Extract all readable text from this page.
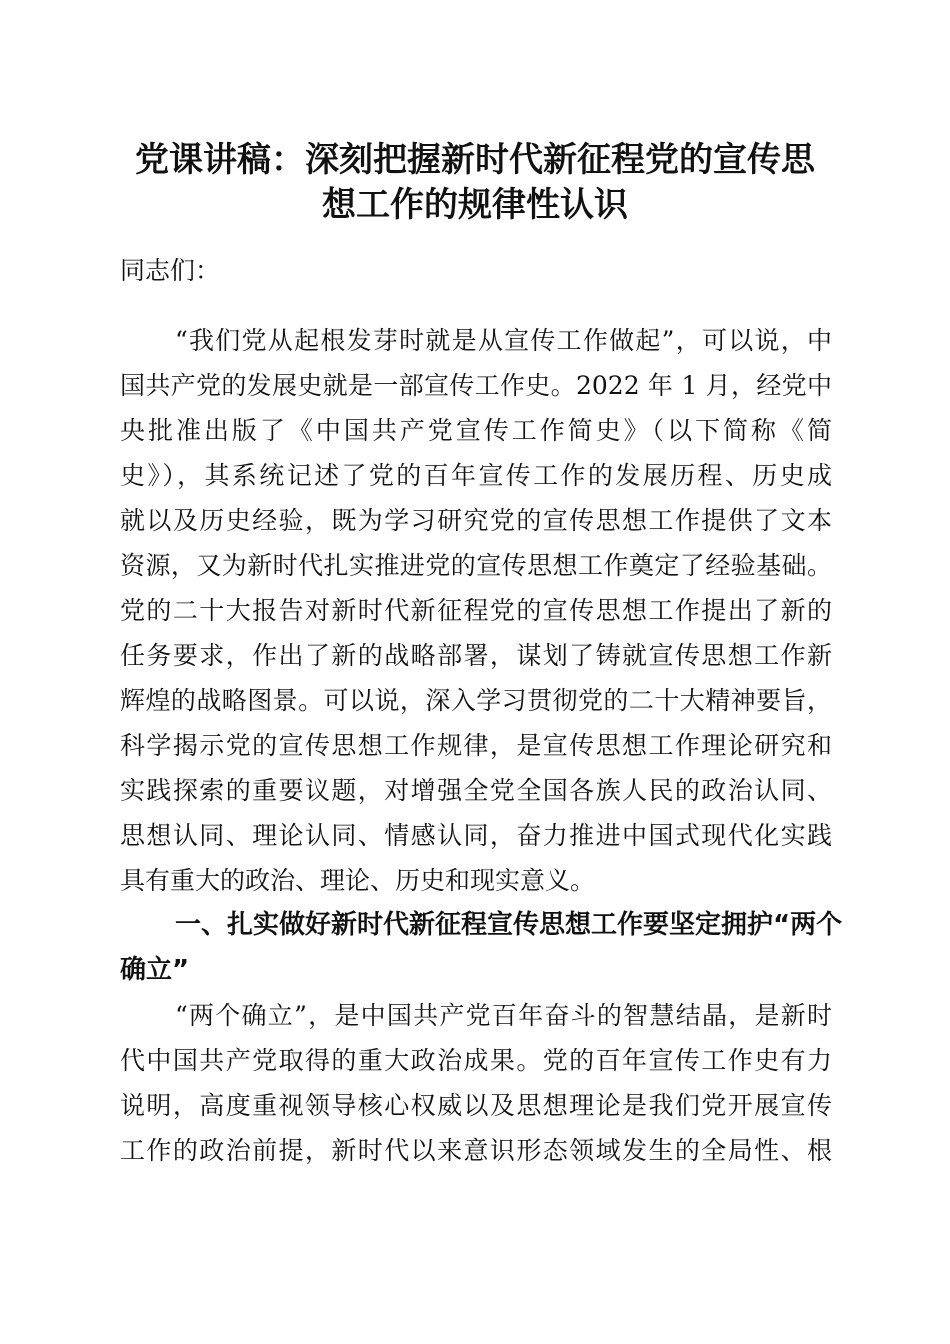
党课讲稿：深刻把握新时代新征程党的宣传思
想工作的规律性认识
同志们：
“我们党从起根发芽时就是从宣传工作做起”，可以说，中
国共产党的发展史就是一部宣传工作史。2022 年 1 月，经党中
央批准出版了《中国共产党宣传工作简史》（以下简称《简
史》），其系统记述了党的百年宣传工作的发展历程、历史成
就以及历史经验，既为学习研究党的宣传思想工作提供了文本
资源，又为新时代扎实推进党的宣传思想工作奠定了经验基础。
党的二十大报告对新时代新征程党的宣传思想工作提出了新的
任务要求，作出了新的战略部署，谋划了铸就宣传思想工作新
辉煌的战略图景。可以说，深入学习贯彻党的二十大精神要旨，
科学揭示党的宣传思想工作规律，是宣传思想工作理论研究和
实践探索的重要议题，对增强全党全国各族人民的政治认同、
思想认同、理论认同、情感认同，奋力推进中国式现代化实践
具有重大的政治、理论、历史和现实意义。
一、扎实做好新时代新征程宣传思想工作要坚定拥护“两个
确立”
“两个确立”，是中国共产党百年奋斗的智慧结晶，是新时
代中国共产党取得的重大政治成果。党的百年宣传工作史有力
说明，高度重视领导核心权威以及思想理论是我们党开展宣传
工作的政治前提，新时代以来意识形态领域发生的全局性、根
